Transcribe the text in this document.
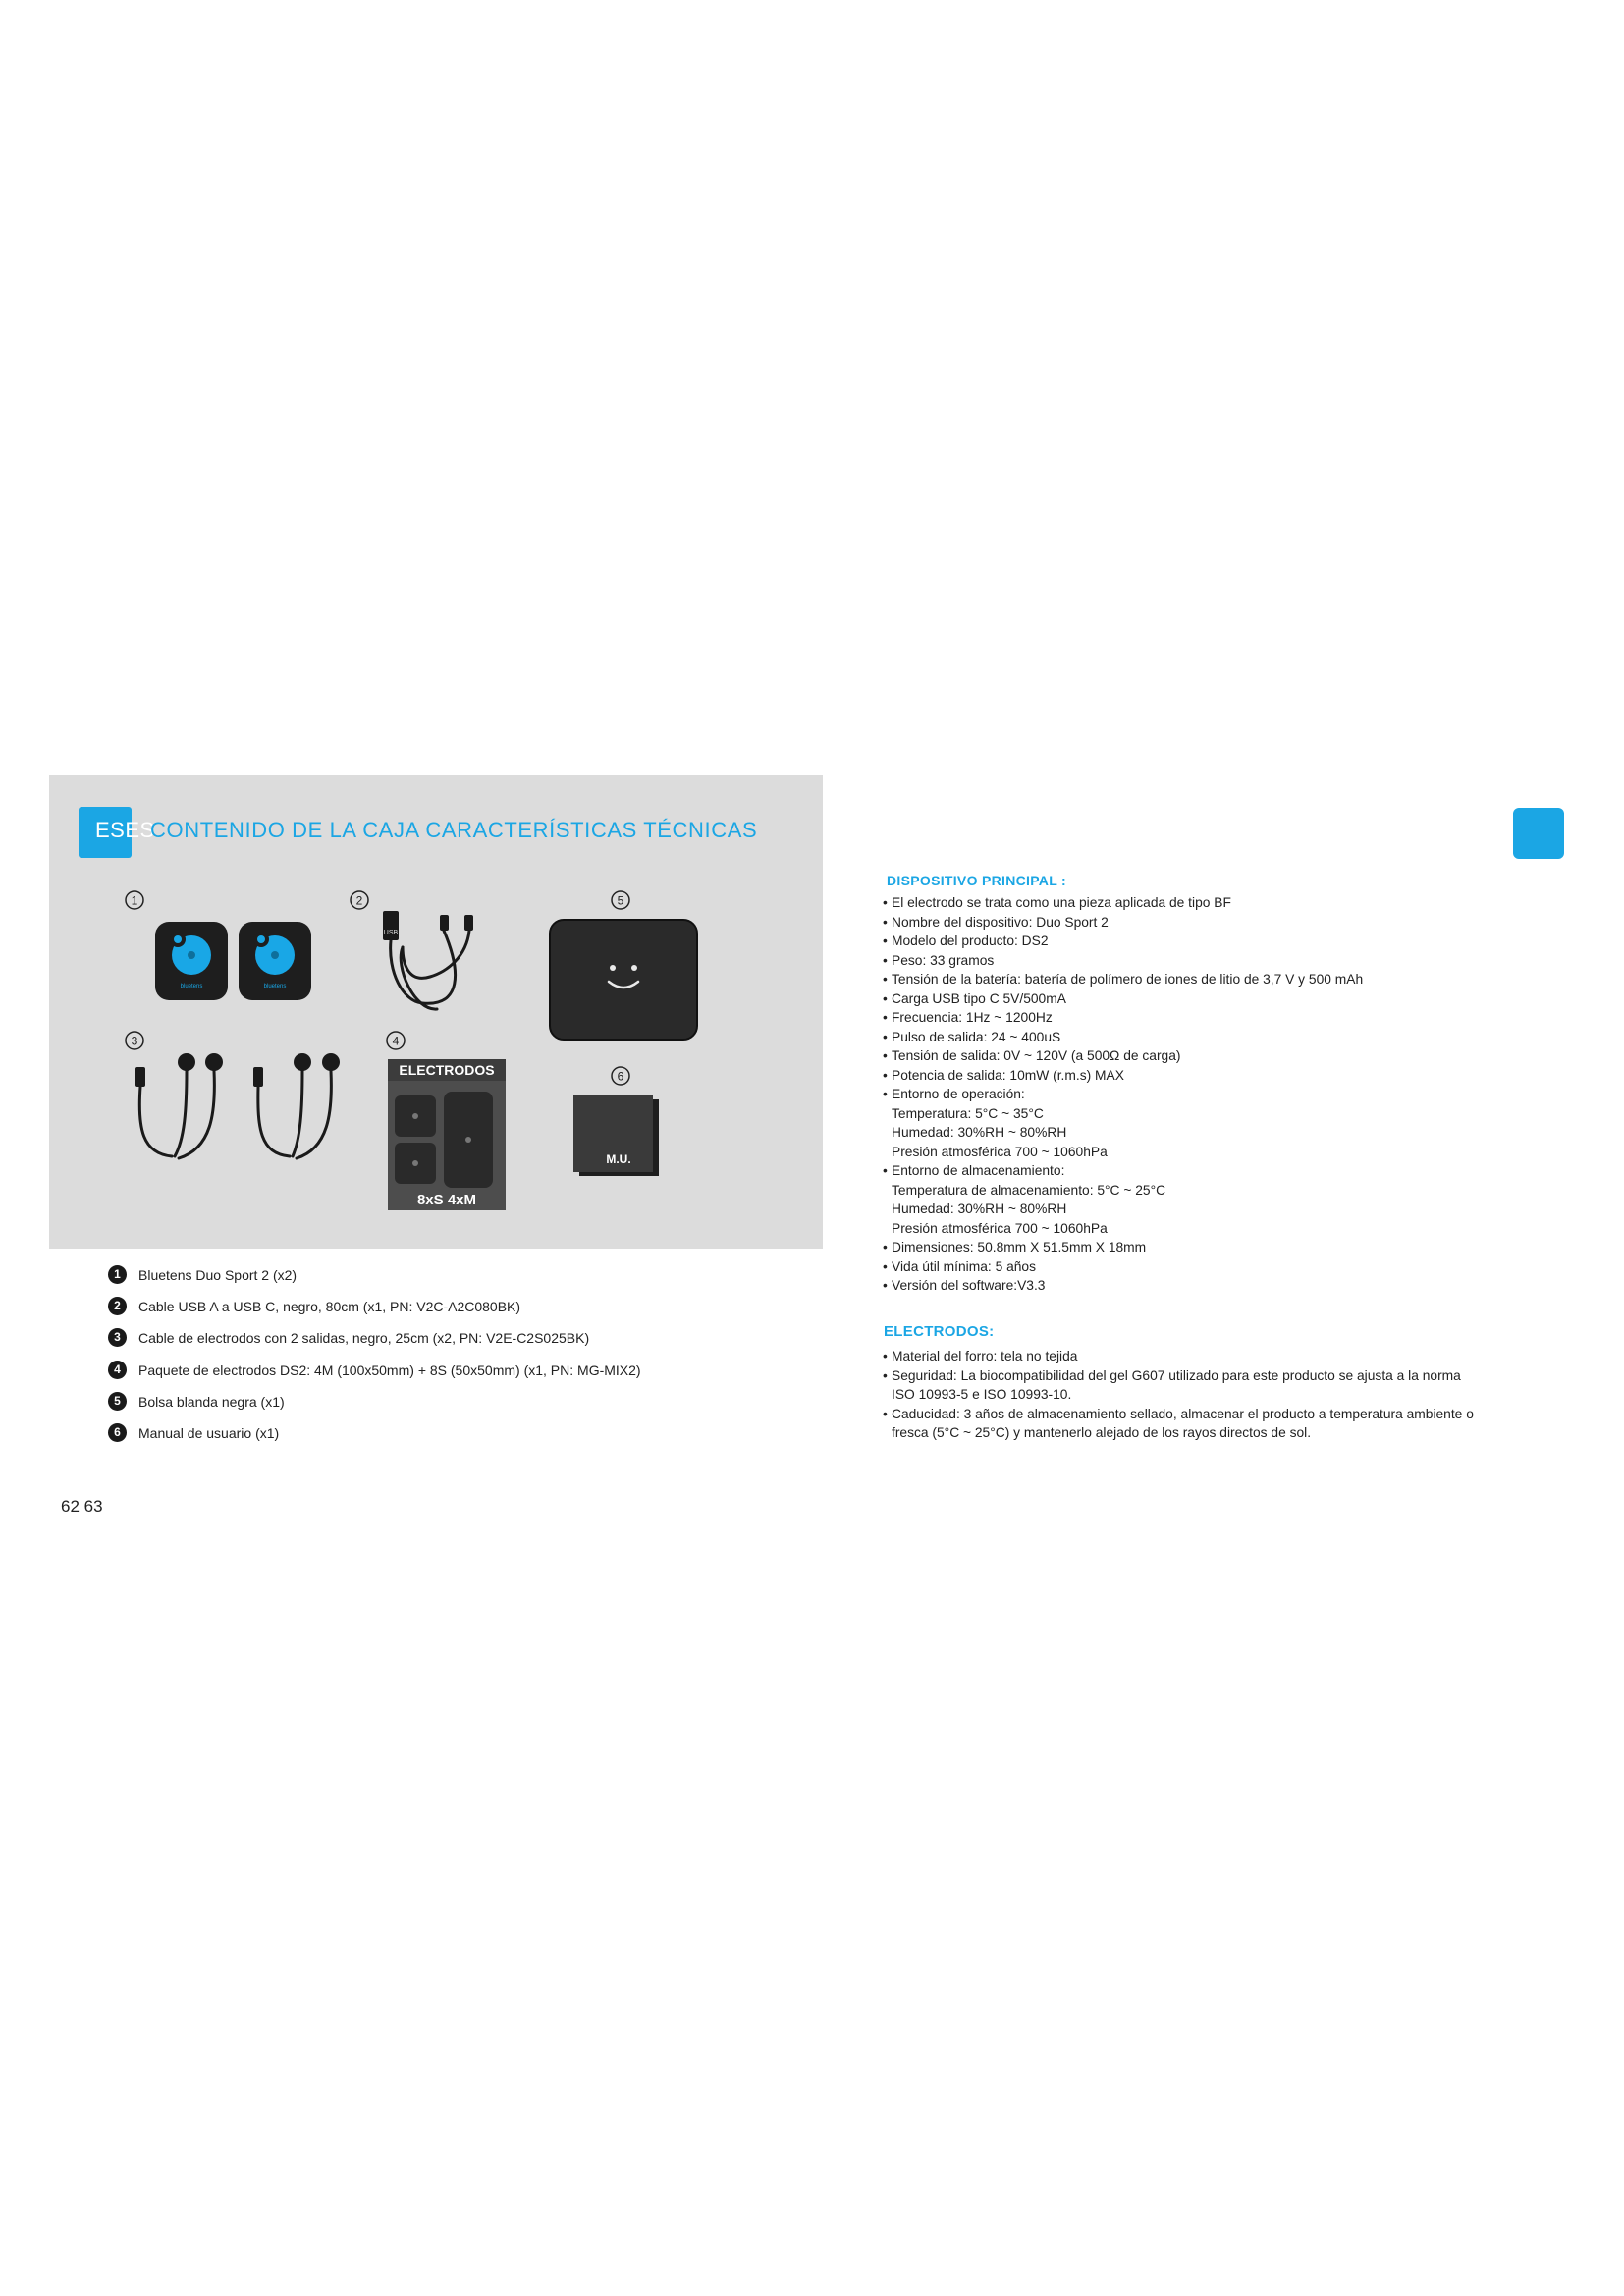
ESES
CONTENIDO DE LA CAJA CARACTERÍSTICAS TÉCNICAS
1	2	5
3	4
6
bluetens	bluetens
USB
ELECTRODOS
8xS 4xM
M.U.
1	Bluetens Duo Sport 2 (x2)
2	Cable USB A a USB C, negro, 80cm (x1, PN: V2C-A2C080BK)
3	Cable de electrodos con 2 salidas, negro, 25cm (x2, PN: V2E-C2S025BK)
4	Paquete de electrodos DS2: 4M (100x50mm) + 8S (50x50mm) (x1, PN: MG-MIX2)
5	Bolsa blanda negra (x1)
6	Manual de usuario (x1)
DISPOSITIVO PRINCIPAL :
• El electrodo se trata como una pieza aplicada de tipo BF
• Nombre del dispositivo: Duo Sport 2
• Modelo del producto: DS2
• Peso: 33 gramos
• Tensión de la batería: batería de polímero de iones de litio de 3,7 V y 500 mAh
• Carga USB tipo C 5V/500mA
• Frecuencia: 1Hz ~ 1200Hz
• Pulso de salida: 24 ~ 400uS
• Tensión de salida: 0V ~ 120V (a 500Ω de carga)
• Potencia de salida: 10mW (r.m.s) MAX
• Entorno de operación:
Temperatura: 5°C ~ 35°C
Humedad: 30%RH ~ 80%RH
Presión atmosférica 700 ~ 1060hPa
• Entorno de almacenamiento:
Temperatura de almacenamiento: 5°C ~ 25°C
Humedad: 30%RH ~ 80%RH
Presión atmosférica 700 ~ 1060hPa
• Dimensiones: 50.8mm X 51.5mm X 18mm
• Vida útil mínima: 5 años
• Versión del software:V3.3
ELECTRODOS:
• Material del forro: tela no tejida
• Seguridad: La biocompatibilidad del gel G607 utilizado para este producto se ajusta a la norma
ISO 10993-5 e ISO 10993-10.
• Caducidad: 3 años de almacenamiento sellado, almacenar el producto a temperatura ambiente o
fresca (5°C ~ 25°C) y mantenerlo alejado de los rayos directos de sol.
62 63
